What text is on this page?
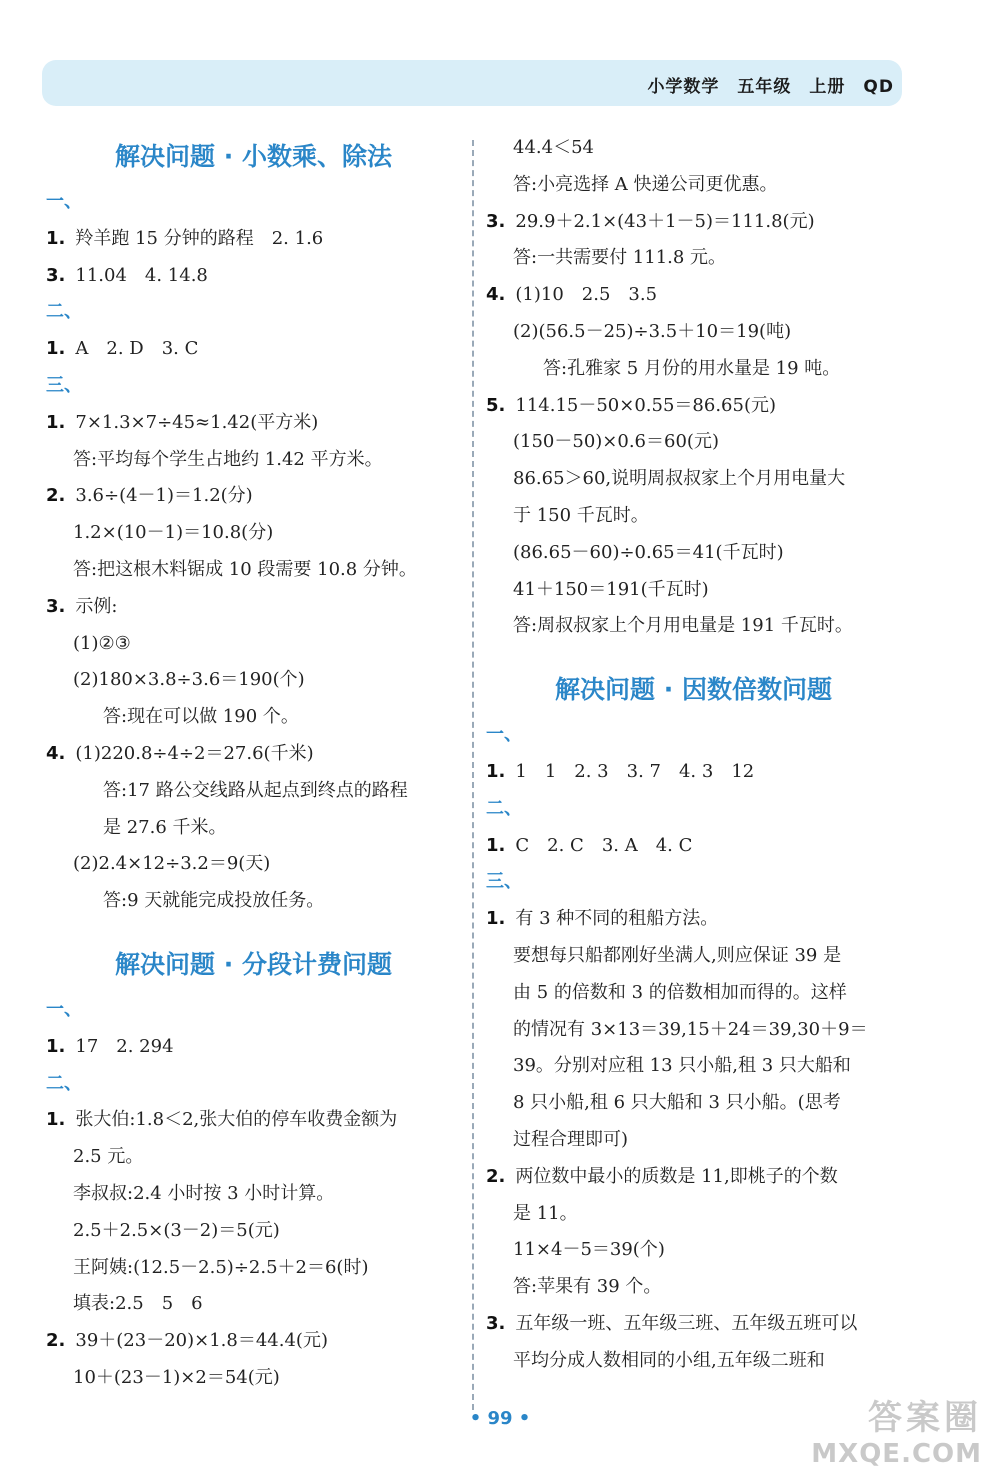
小学数学　五年级　上册　QD
解决问题 · 小数乘、除法
一、
1. 羚羊跑 15 分钟的路程　2. 1.6
3. 11.04　4. 14.8
二、
1. A　2. D　3. C
三、
1. 7×1.3×7÷45≈1.42(平方米)
答:平均每个学生占地约 1.42 平方米。
2. 3.6÷(4－1)＝1.2(分)
1.2×(10－1)＝10.8(分)
答:把这根木料锯成 10 段需要 10.8 分钟。
3. 示例:
(1)②③
(2)180×3.8÷3.6＝190(个)
答:现在可以做 190 个。
4. (1)220.8÷4÷2＝27.6(千米)
答:17 路公交线路从起点到终点的路程
是 27.6 千米。
(2)2.4×12÷3.2＝9(天)
答:9 天就能完成投放任务。
解决问题 · 分段计费问题
一、
1. 17　2. 294
二、
1. 张大伯:1.8＜2,张大伯的停车收费金额为
2.5 元。
李叔叔:2.4 小时按 3 小时计算。
2.5＋2.5×(3－2)＝5(元)
王阿姨:(12.5－2.5)÷2.5＋2＝6(时)
填表:2.5　5　6
2. 39＋(23－20)×1.8＝44.4(元)
10＋(23－1)×2＝54(元)
44.4＜54
答:小亮选择 A 快递公司更优惠。
3. 29.9＋2.1×(43＋1－5)＝111.8(元)
答:一共需要付 111.8 元。
4. (1)10　2.5　3.5
(2)(56.5－25)÷3.5＋10＝19(吨)
答:孔雅家 5 月份的用水量是 19 吨。
5. 114.15－50×0.55＝86.65(元)
(150－50)×0.6＝60(元)
86.65＞60,说明周叔叔家上个月用电量大
于 150 千瓦时。
(86.65－60)÷0.65＝41(千瓦时)
41＋150＝191(千瓦时)
答:周叔叔家上个月用电量是 191 千瓦时。
解决问题 · 因数倍数问题
一、
1. 1　1　2. 3　3. 7　4. 3　12
二、
1. C　2. C　3. A　4. C
三、
1. 有 3 种不同的租船方法。
要想每只船都刚好坐满人,则应保证 39 是
由 5 的倍数和 3 的倍数相加而得的。这样
的情况有 3×13＝39,15＋24＝39,30＋9＝
39。分别对应租 13 只小船,租 3 只大船和
8 只小船,租 6 只大船和 3 只小船。(思考
过程合理即可)
2. 两位数中最小的质数是 11,即桃子的个数
是 11。
11×4－5＝39(个)
答:苹果有 39 个。
3. 五年级一班、五年级三班、五年级五班可以
平均分成人数相同的小组,五年级二班和
• 99 •	答案圈
MXQE.COM
